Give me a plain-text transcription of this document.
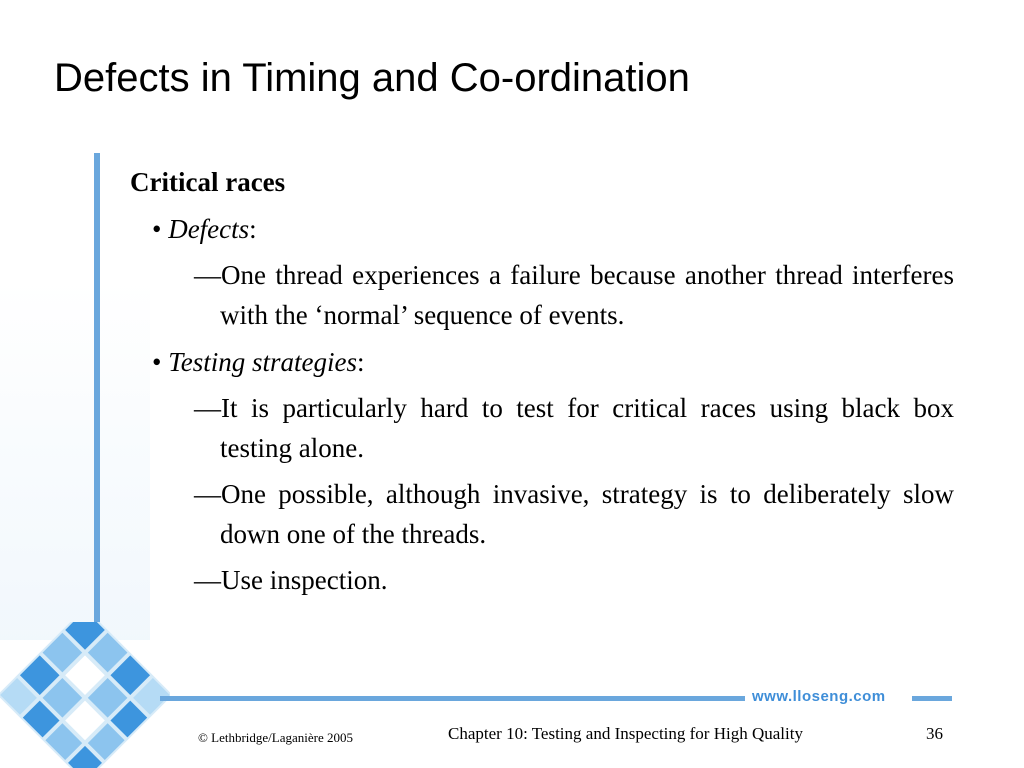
Defects in Timing and Co-ordination
Critical races
• Defects:
—One thread experiences a failure because another thread interferes with the ‘normal’ sequence of events.
• Testing strategies:
—It is particularly hard to test for critical races using black box testing alone.
—One possible, although invasive, strategy is to deliberately slow down one of the threads.
—Use inspection.
www.lloseng.com
© Lethbridge/Laganière 2005	Chapter 10: Testing and Inspecting for High Quality	36
